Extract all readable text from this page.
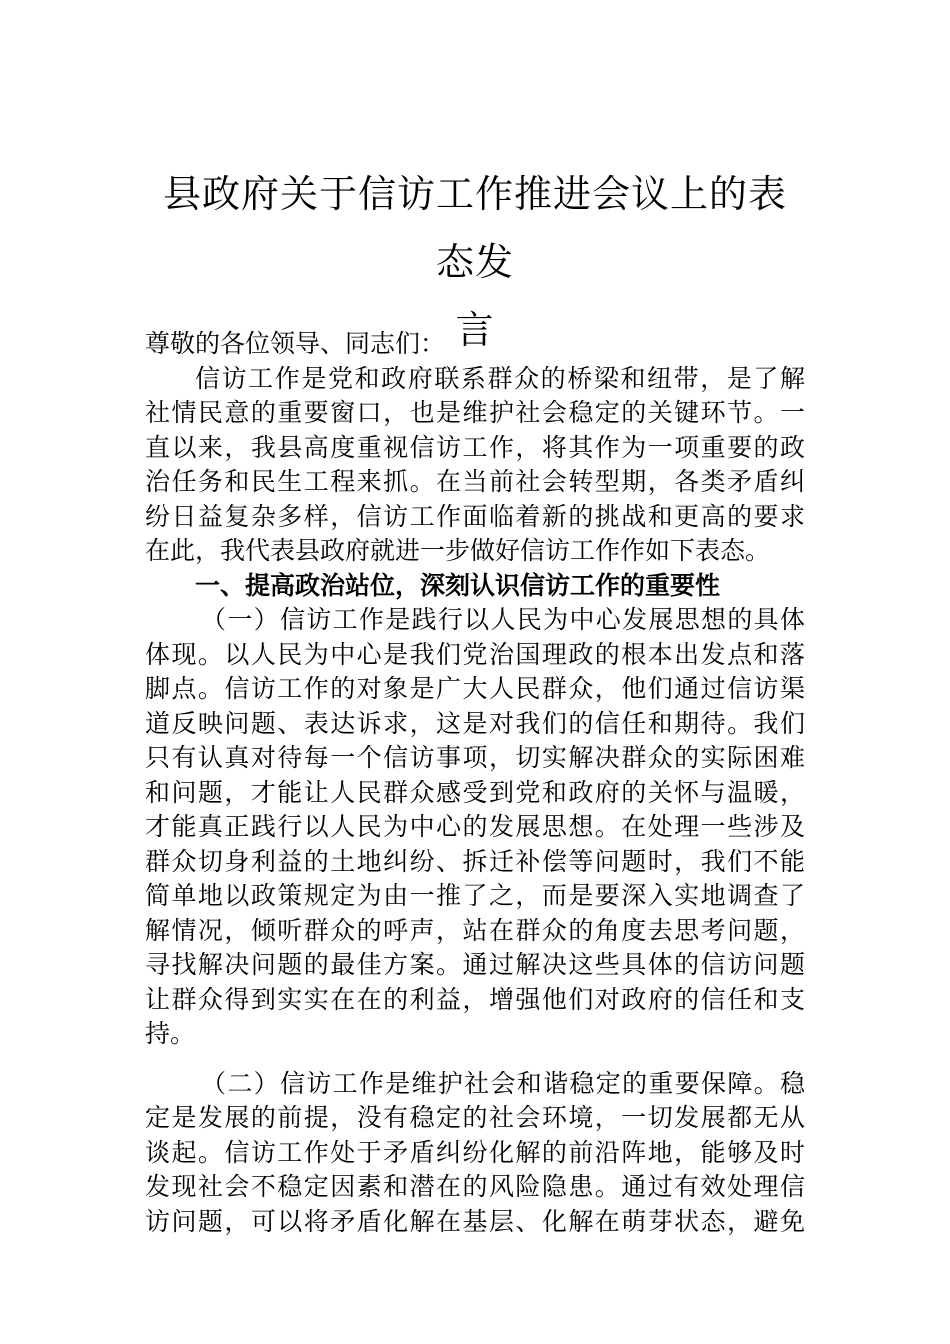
县政府关于信访工作推进会议上的表态发
言
尊敬的各位领导、同志们：
信访工作是党和政府联系群众的桥梁和纽带，是了解
社情民意的重要窗口，也是维护社会稳定的关键环节。一
直以来，我县高度重视信访工作，将其作为一项重要的政
治任务和民生工程来抓。在当前社会转型期，各类矛盾纠
纷日益复杂多样，信访工作面临着新的挑战和更高的要求
在此，我代表县政府就进一步做好信访工作作如下表态。
一、提高政治站位，深刻认识信访工作的重要性
（一）信访工作是践行以人民为中心发展思想的具体
体现。以人民为中心是我们党治国理政的根本出发点和落
脚点。信访工作的对象是广大人民群众，他们通过信访渠
道反映问题、表达诉求，这是对我们的信任和期待。我们
只有认真对待每一个信访事项，切实解决群众的实际困难
和问题，才能让人民群众感受到党和政府的关怀与温暖，
才能真正践行以人民为中心的发展思想。在处理一些涉及
群众切身利益的土地纠纷、拆迁补偿等问题时，我们不能
简单地以政策规定为由一推了之，而是要深入实地调查了
解情况，倾听群众的呼声，站在群众的角度去思考问题，
寻找解决问题的最佳方案。通过解决这些具体的信访问题
让群众得到实实在在的利益，增强他们对政府的信任和支
持。
（二）信访工作是维护社会和谐稳定的重要保障。稳
定是发展的前提，没有稳定的社会环境，一切发展都无从
谈起。信访工作处于矛盾纠纷化解的前沿阵地，能够及时
发现社会不稳定因素和潜在的风险隐患。通过有效处理信
访问题，可以将矛盾化解在基层、化解在萌芽状态，避免
